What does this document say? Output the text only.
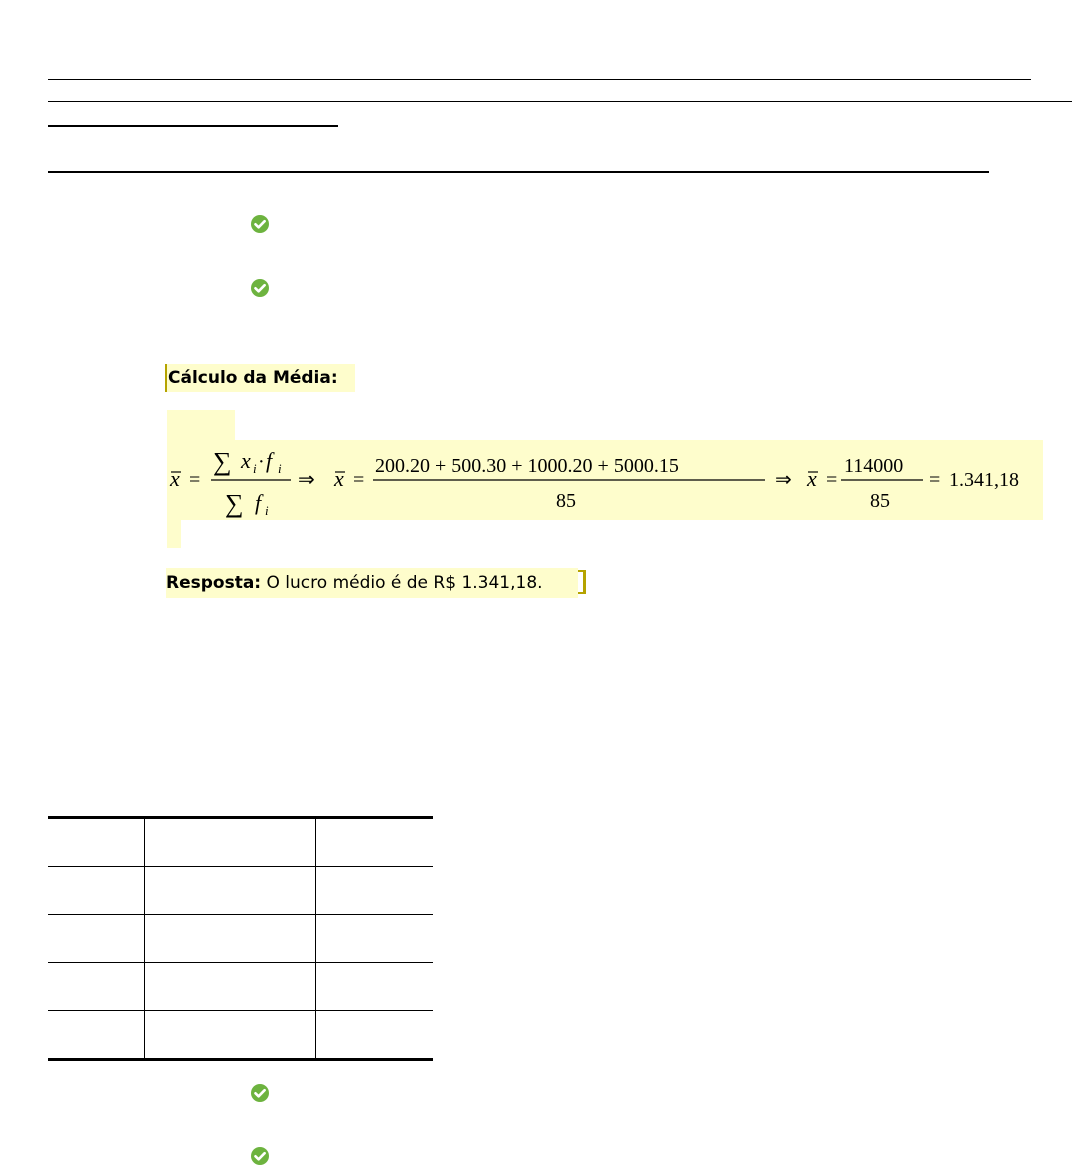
Cálculo da Média:
x =
∑ x i · f i
∑ f i
⇒ x =
200.20 + 500.30 + 1000.20 + 5000.15
85
⇒ x =
114000
85
= 1.341,18
Resposta: O lucro médio é de R$ 1.341,18.
